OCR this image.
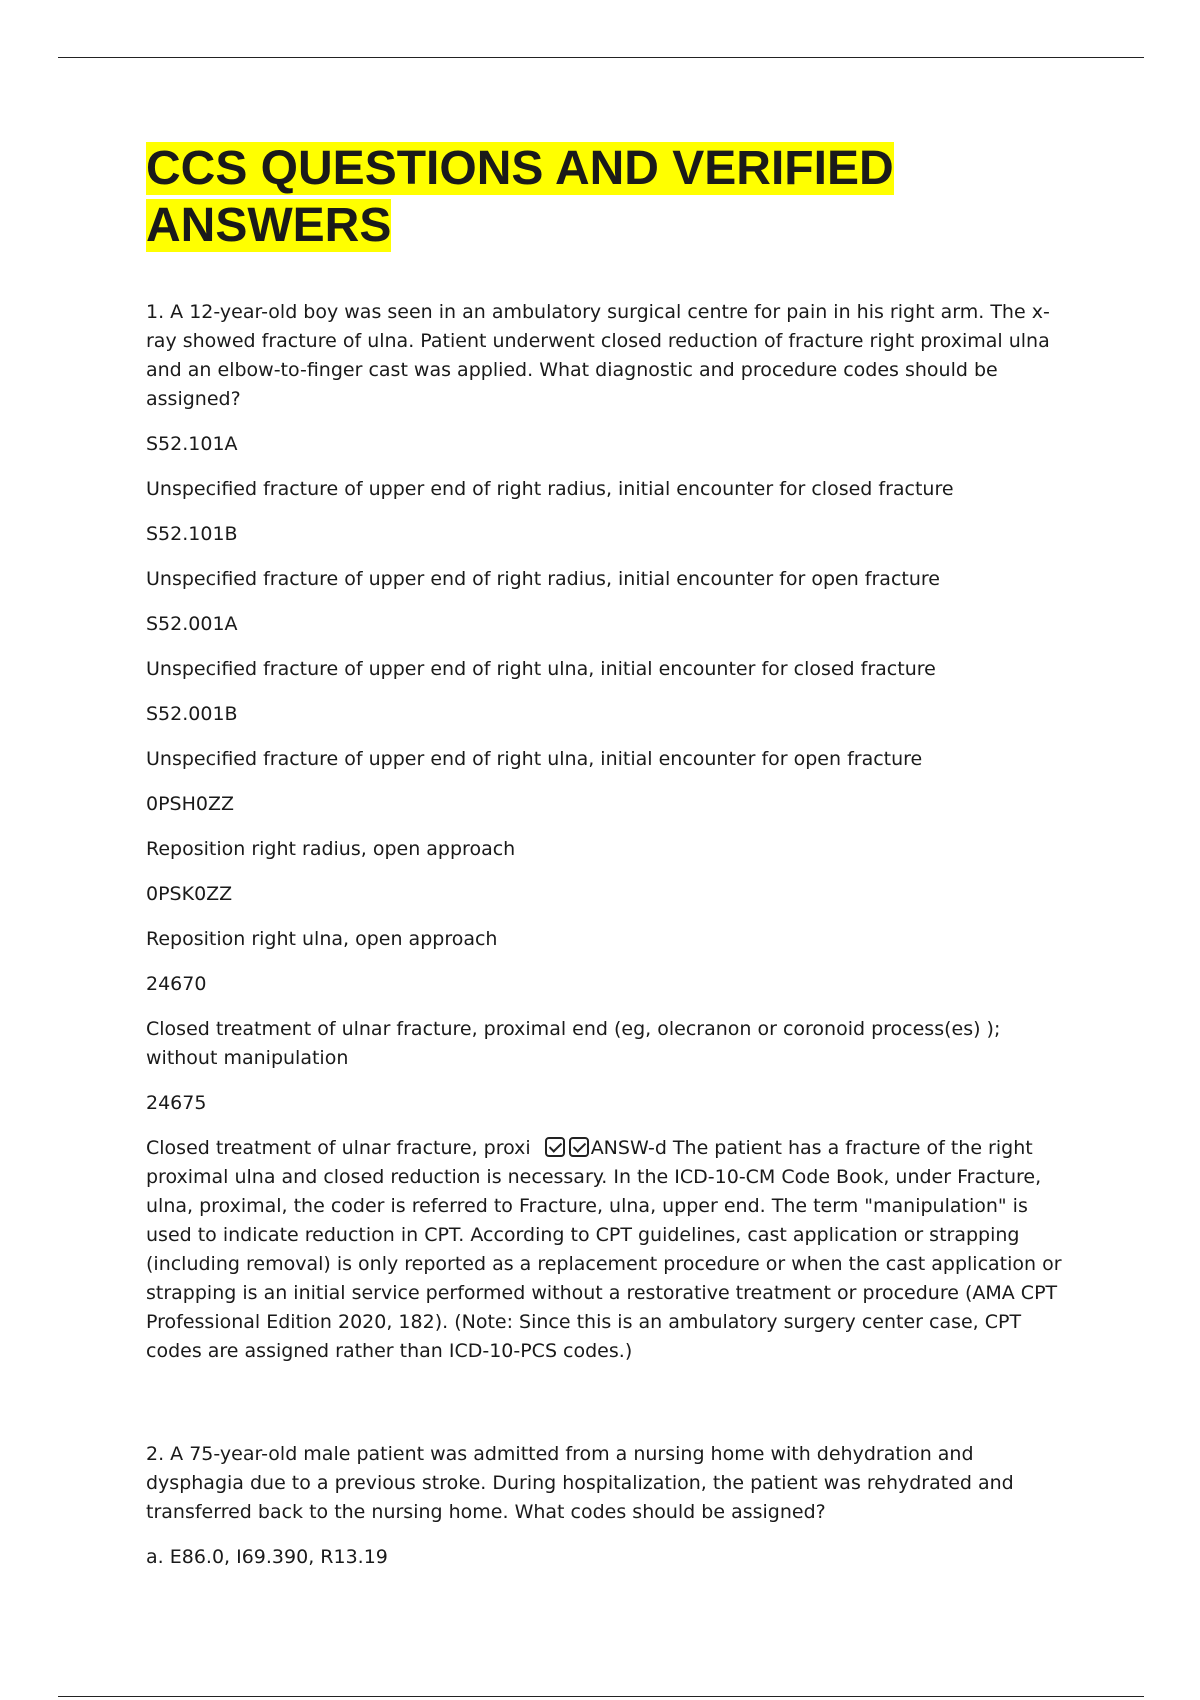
CCS QUESTIONS AND VERIFIED ANSWERS

1. A 12-year-old boy was seen in an ambulatory surgical centre for pain in his right arm. The x-ray showed fracture of ulna. Patient underwent closed reduction of fracture right proximal ulna and an elbow-to-finger cast was applied. What diagnostic and procedure codes should be assigned?

S52.101A

Unspecified fracture of upper end of right radius, initial encounter for closed fracture

S52.101B

Unspecified fracture of upper end of right radius, initial encounter for open fracture

S52.001A

Unspecified fracture of upper end of right ulna, initial encounter for closed fracture

S52.001B

Unspecified fracture of upper end of right ulna, initial encounter for open fracture

0PSH0ZZ

Reposition right radius, open approach

0PSK0ZZ

Reposition right ulna, open approach

24670

Closed treatment of ulnar fracture, proximal end (eg, olecranon or coronoid process(es) ); without manipulation

24675

Closed treatment of ulnar fracture, proxi	ANSW-d The patient has a fracture of the right proximal ulna and closed reduction is necessary. In the ICD-10-CM Code Book, under Fracture, ulna, proximal, the coder is referred to Fracture, ulna, upper end. The term "manipulation" is used to indicate reduction in CPT. According to CPT guidelines, cast application or strapping (including removal) is only reported as a replacement procedure or when the cast application or strapping is an initial service performed without a restorative treatment or procedure (AMA CPT Professional Edition 2020, 182). (Note: Since this is an ambulatory surgery center case, CPT codes are assigned rather than ICD-10-PCS codes.)

2. A 75-year-old male patient was admitted from a nursing home with dehydration and dysphagia due to a previous stroke. During hospitalization, the patient was rehydrated and transferred back to the nursing home. What codes should be assigned?

a. E86.0, I69.390, R13.19
